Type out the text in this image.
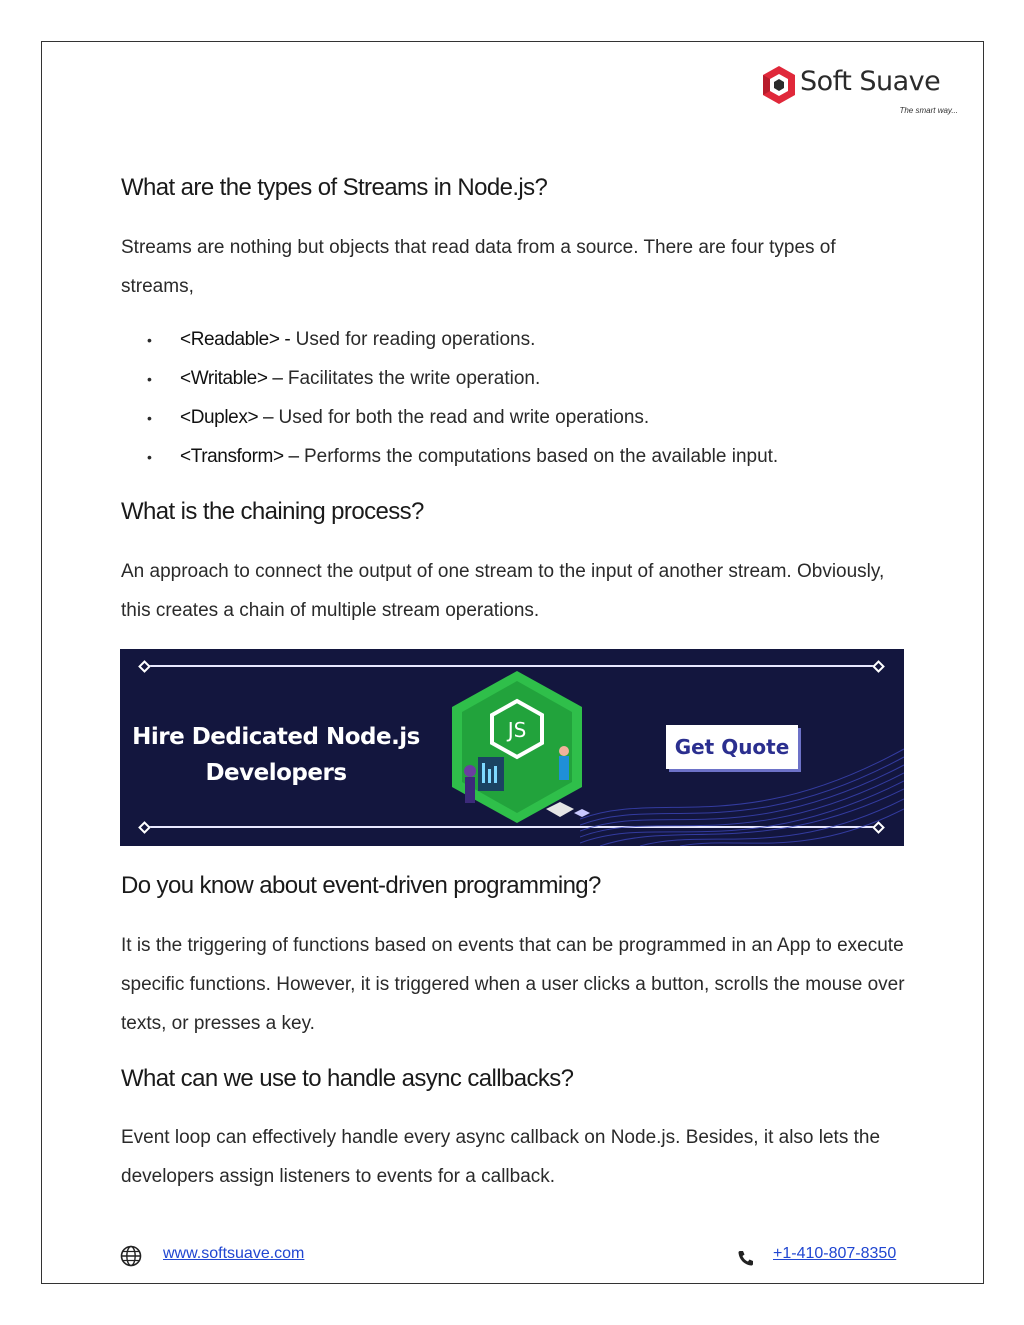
Soft Suave
The smart way...
What are the types of Streams in Node.js?

Streams are nothing but objects that read data from a source. There are four types of streams,

• <Readable> - Used for reading operations.
• <Writable> – Facilitates the write operation.
• <Duplex> – Used for both the read and write operations.
• <Transform> – Performs the computations based on the available input.
What is the chaining process?

An approach to connect the output of one stream to the input of another stream. Obviously, this creates a chain of multiple stream operations.

Hire Dedicated Node.js
Developers
JS
Get Quote
Do you know about event-driven programming?

It is the triggering of functions based on events that can be programmed in an App to execute specific functions. However, it is triggered when a user clicks a button, scrolls the mouse over texts, or presses a key.

What can we use to handle async callbacks?

Event loop can effectively handle every async callback on Node.js. Besides, it also lets the developers assign listeners to events for a callback.

www.softsuave.com	+1-410-807-8350
